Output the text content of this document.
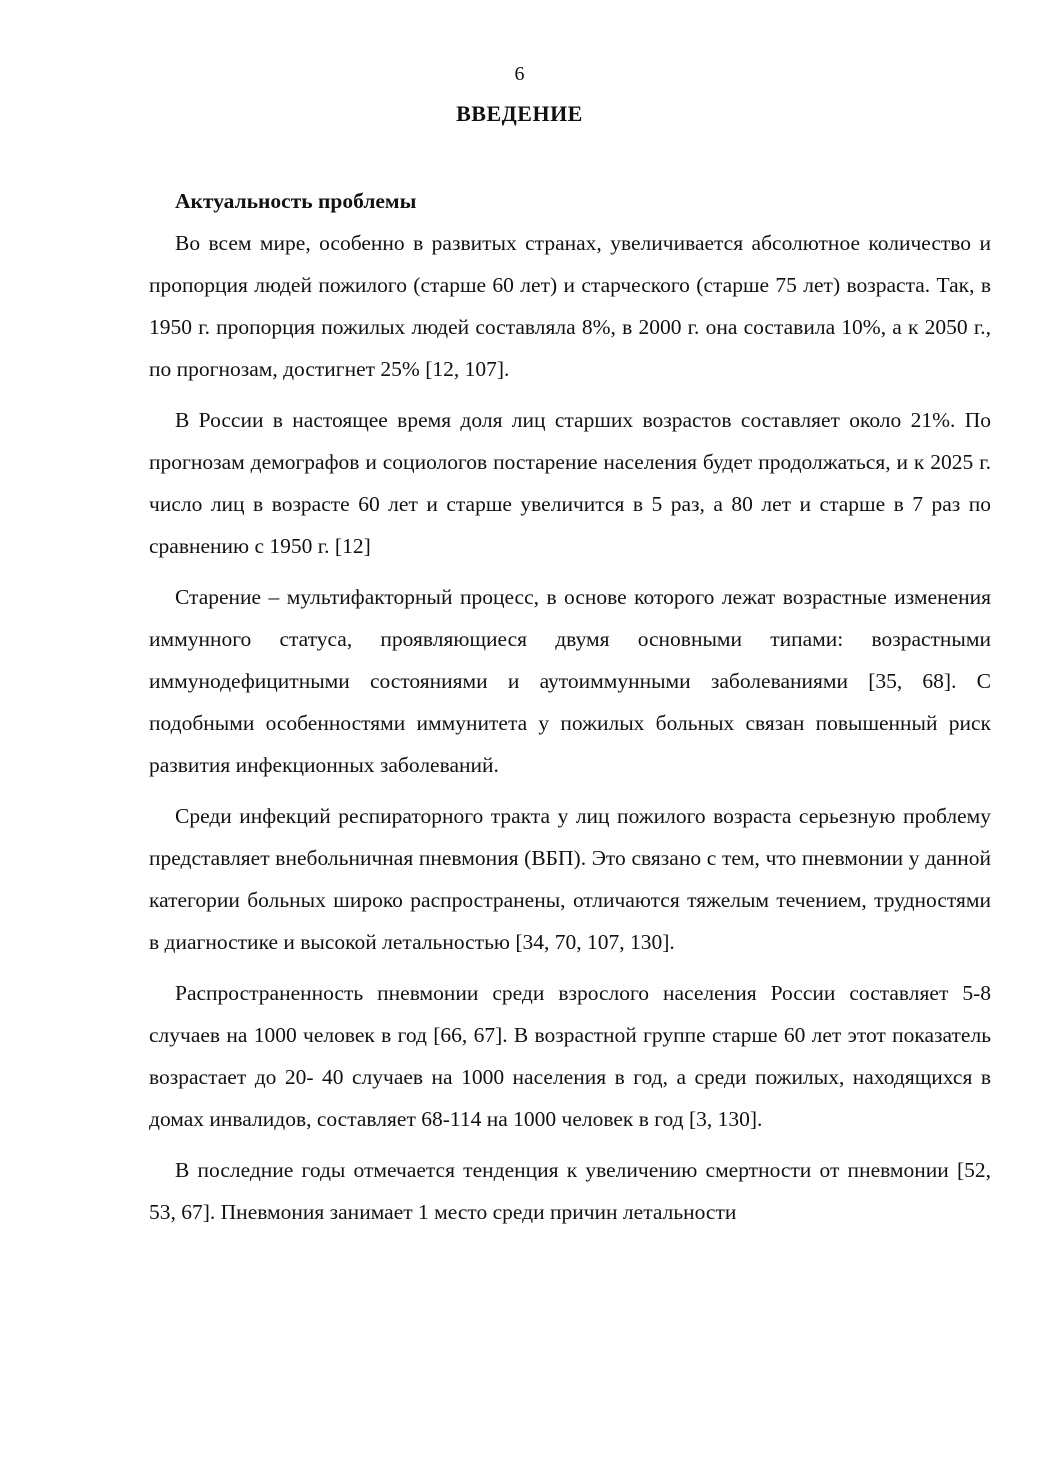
6
ВВЕДЕНИЕ

Актуальность проблемы

Во всем мире, особенно в развитых странах, увеличивается абсолютное количество и пропорция людей пожилого (старше 60 лет) и старческого (старше 75 лет) возраста. Так, в 1950 г. пропорция пожилых людей составляла 8%, в 2000 г. она составила 10%, а к 2050 г., по прогнозам, достигнет 25% [12, 107].

В России в настоящее время доля лиц старших возрастов составляет около 21%. По прогнозам демографов и социологов постарение населения будет продолжаться, и к 2025 г. число лиц в возрасте 60 лет и старше увеличится в 5 раз, а 80 лет и старше в 7 раз по сравнению с 1950 г. [12]

Старение – мультифакторный процесс, в основе которого лежат возрастные изменения иммунного статуса, проявляющиеся двумя основными типами: возрастными иммунодефицитными состояниями и аутоиммунными заболеваниями [35, 68]. С подобными особенностями иммунитета у пожилых больных связан повышенный риск развития инфекционных заболеваний.

Среди инфекций респираторного тракта у лиц пожилого возраста серьезную проблему представляет внебольничная пневмония (ВБП). Это связано с тем, что пневмонии у данной категории больных широко распространены, отличаются тяжелым течением, трудностями в диагностике и высокой летальностью [34, 70, 107, 130].

Распространенность пневмонии среди взрослого населения России составляет 5-8 случаев на 1000 человек в год [66, 67]. В возрастной группе старше 60 лет этот показатель возрастает до 20- 40 случаев на 1000 населения в год, а среди пожилых, находящихся в домах инвалидов, составляет 68-114 на 1000 человек в год [3, 130].

В последние годы отмечается тенденция к увеличению смертности от пневмонии [52, 53, 67]. Пневмония занимает 1 место среди причин летальности
